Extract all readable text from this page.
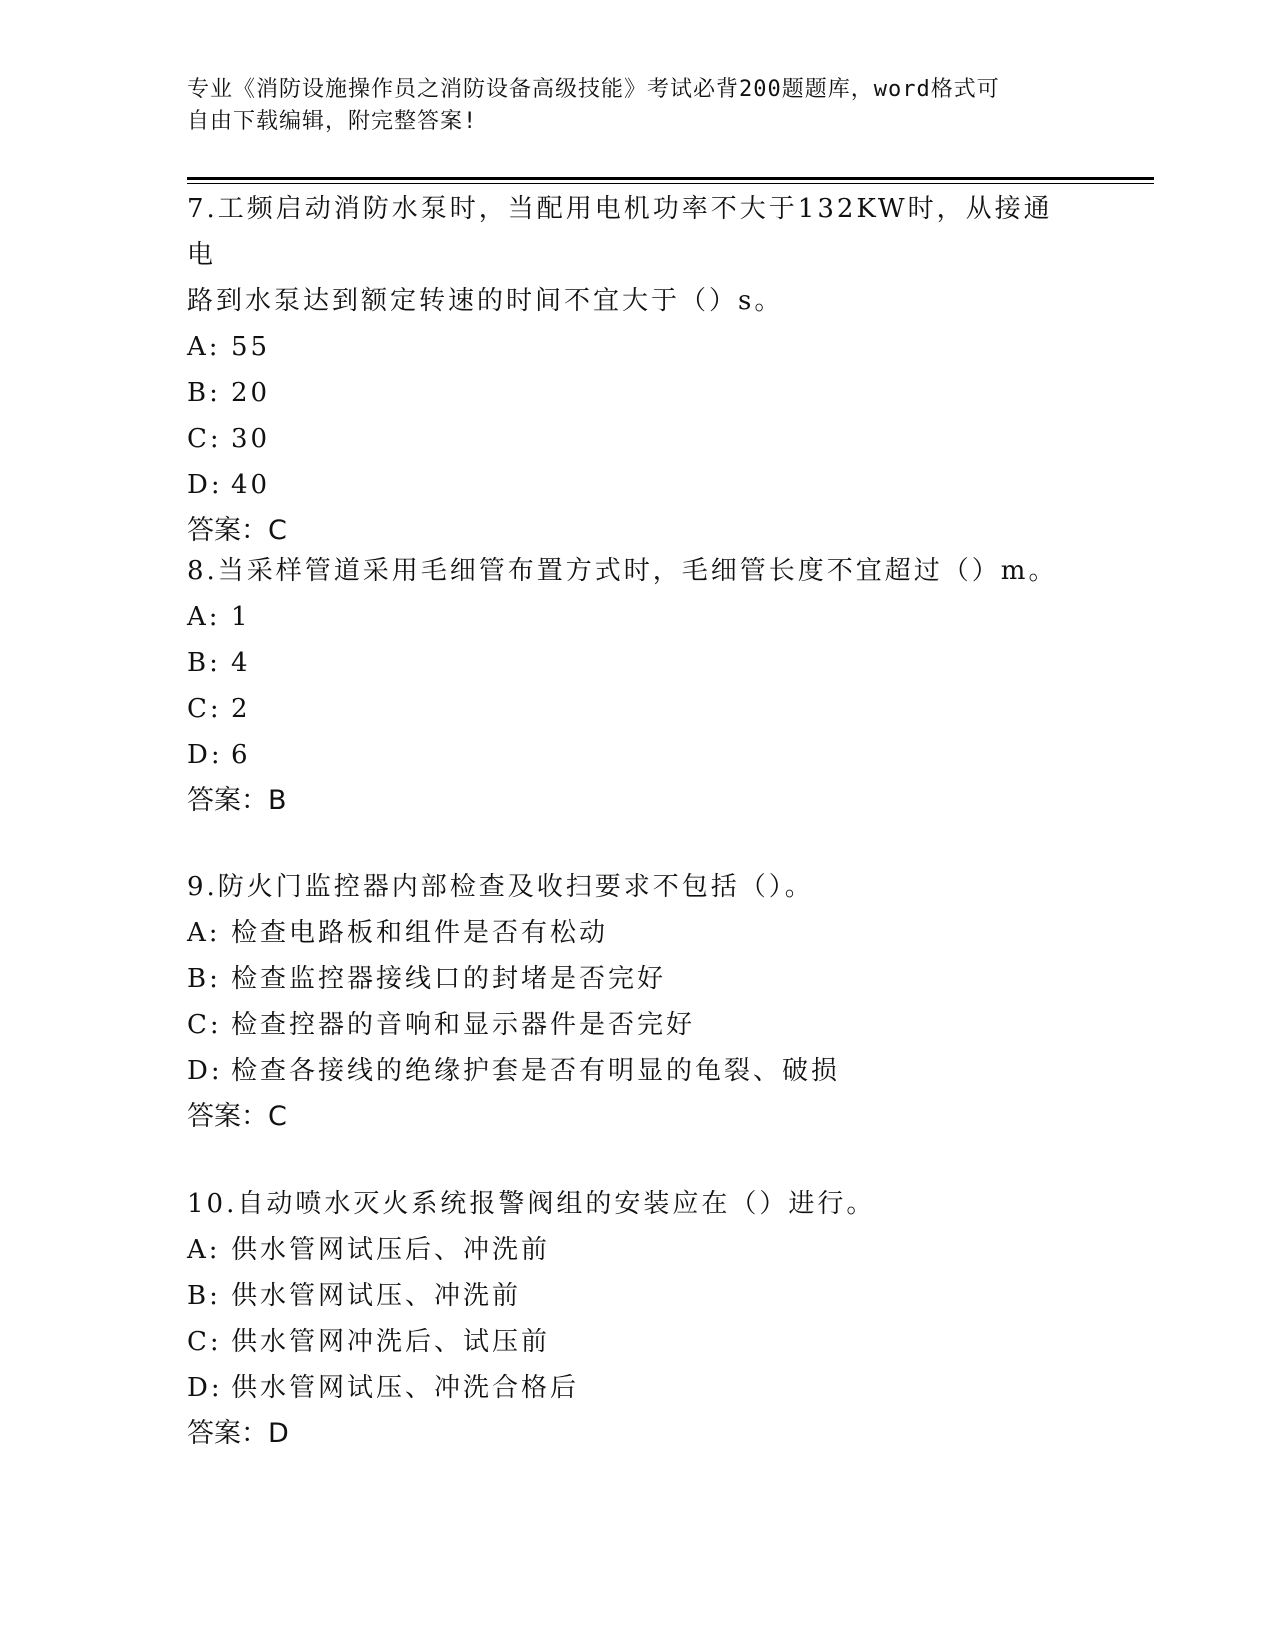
专业《消防设施操作员之消防设备高级技能》考试必背200题题库，word格式可
自由下载编辑，附完整答案!

7.工频启动消防水泵时，当配用电机功率不大于132KW时，从接通电

路到水泵达到额定转速的时间不宜大于（）s。

A: 55

B: 20

C: 30

D: 40

答案：C

8.当采样管道采用毛细管布置方式时，毛细管长度不宜超过（）m。

A: 1

B: 4

C: 2

D: 6

答案：B

9.防火门监控器内部检查及收扫要求不包括（）。

A: 检查电路板和组件是否有松动

B: 检查监控器接线口的封堵是否完好

C: 检查控器的音响和显示器件是否完好

D: 检查各接线的绝缘护套是否有明显的龟裂、破损

答案：C

10.自动喷水灭火系统报警阀组的安装应在（）进行。

A: 供水管网试压后、冲洗前

B: 供水管网试压、冲洗前

C: 供水管网冲洗后、试压前

D: 供水管网试压、冲洗合格后

答案：D
